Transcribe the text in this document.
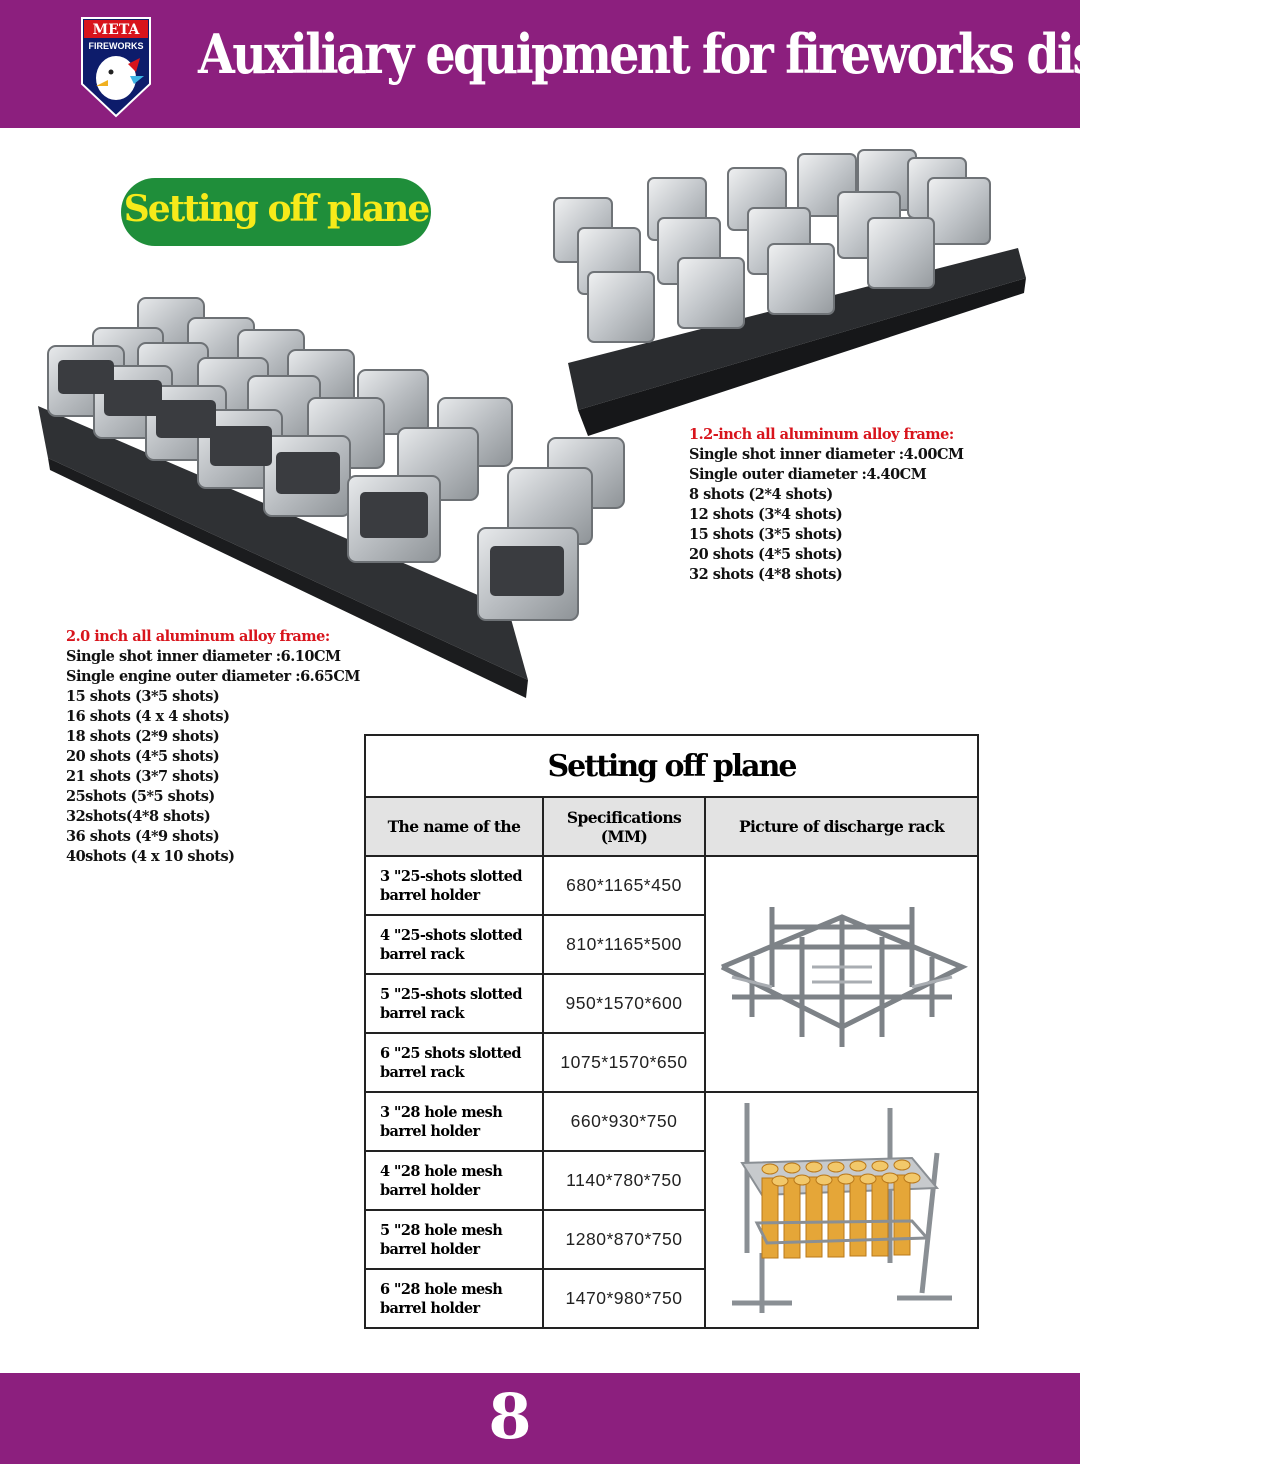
META
FIREWORKS Auxiliary equipment for fireworks discharge
Setting off plane
1.2-inch all aluminum alloy frame:
Single shot inner diameter :4.00CM
Single outer diameter :4.40CM
8 shots (2*4 shots)
12 shots (3*4 shots)
15 shots (3*5 shots)
20 shots (4*5 shots)
32 shots (4*8 shots)
2.0 inch all aluminum alloy frame:
Single shot inner diameter :6.10CM
Single engine outer diameter :6.65CM
15 shots (3*5 shots)
16 shots (4 x 4 shots)
18 shots (2*9 shots)
20 shots (4*5 shots)
21 shots (3*7 shots)
25shots (5*5 shots)
32shots(4*8 shots)
36 shots (4*9 shots)
40shots (4 x 10 shots)
Setting off plane		
The name of the	Specifications (MM)	Picture of discharge rack
3 "25-shots slotted
barrel holder	680*1165*450	
4 "25-shots slotted
barrel rack	810*1165*500	
5 "25-shots slotted
barrel rack	950*1570*600	
6 "25 shots slotted
barrel rack	1075*1570*650	
3 "28 hole mesh
barrel holder	660*930*750	
4 "28 hole mesh
barrel holder	1140*780*750	
5 "28 hole mesh
barrel holder	1280*870*750	
6 "28 hole mesh
barrel holder	1470*980*750	
8
